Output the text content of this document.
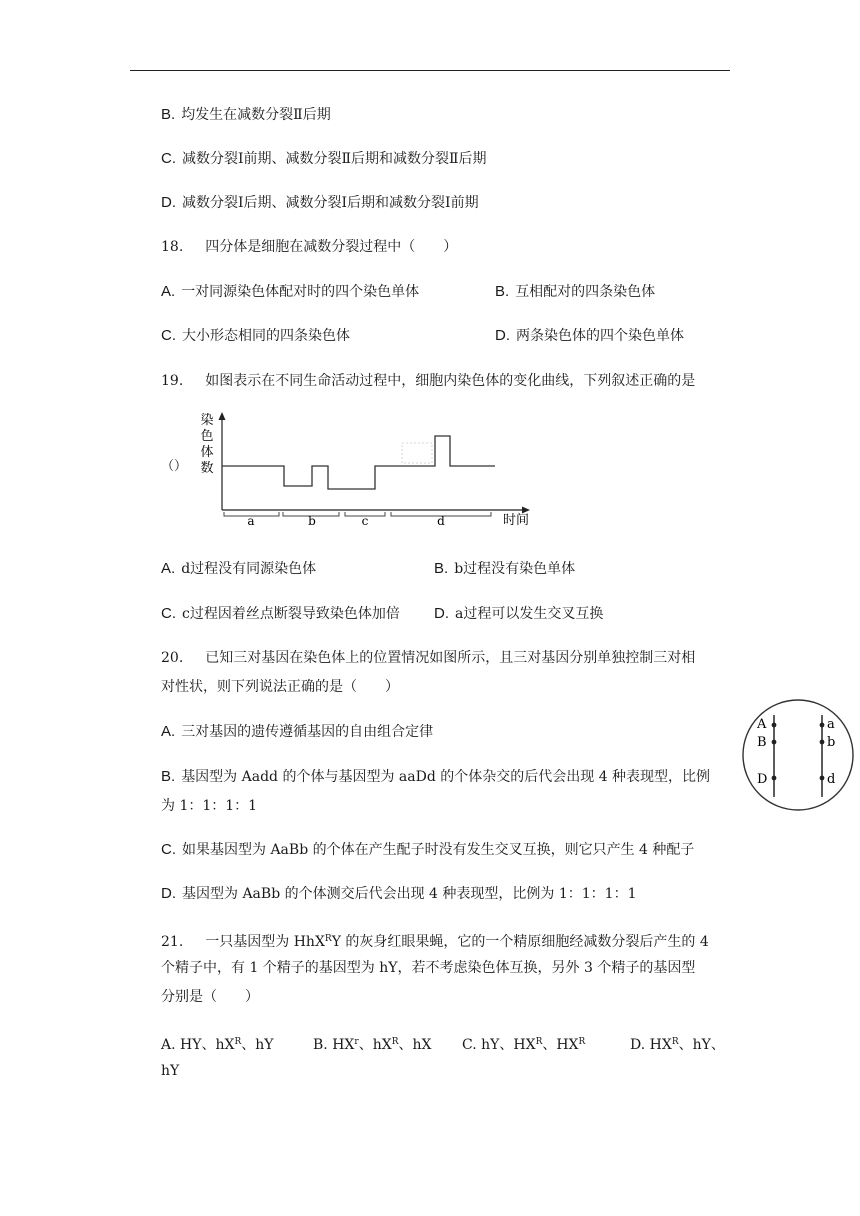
B. 均发生在减数分裂Ⅱ后期
C. 减数分裂Ⅰ前期、减数分裂Ⅱ后期和减数分裂Ⅱ后期
D. 减数分裂Ⅰ后期、减数分裂Ⅰ后期和减数分裂Ⅰ前期
18. 四分体是细胞在减数分裂过程中（　　）
A. 一对同源染色体配对时的四个染色单体	B. 互相配对的四条染色体
C. 大小形态相同的四条染色体	D. 两条染色体的四个染色单体
19. 如图表示在不同生命活动过程中，细胞内染色体的变化曲线，下列叙述正确的是
（）
染
色
体
数
a	b	c	d	时间
A. d过程没有同源染色体	B. b过程没有染色单体
C. c过程因着丝点断裂导致染色体加倍 D. a过程可以发生交叉互换
20. 已知三对基因在染色体上的位置情况如图所示，且三对基因分别单独控制三对相
对性状，则下列说法正确的是（　　）
A. 三对基因的遗传遵循基因的自由组合定律
B. 基因型为 Aadd 的个体与基因型为 aaDd 的个体杂交的后代会出现 4 种表现型，比例
为 1：1：1：1
C. 如果基因型为 AaBb 的个体在产生配子时没有发生交叉互换，则它只产生 4 种配子
D. 基因型为 AaBb 的个体测交后代会出现 4 种表现型，比例为 1：1：1：1
A
B
D
a
b
d
21. 一只基因型为 HhX$^R$Y 的灰身红眼果蝇，它的一个精原细胞经减数分裂后产生的 4
个精子中，有 1 个精子的基因型为 hY，若不考虑染色体互换，另外 3 个精子的基因型
分别是（　　）
A. HY、$hX^R$、hY	B. $HX^r$、$hX^R$、hX C. hY、$HX^R$、$HX^R$	D. $HX^R$、hY、
hY
